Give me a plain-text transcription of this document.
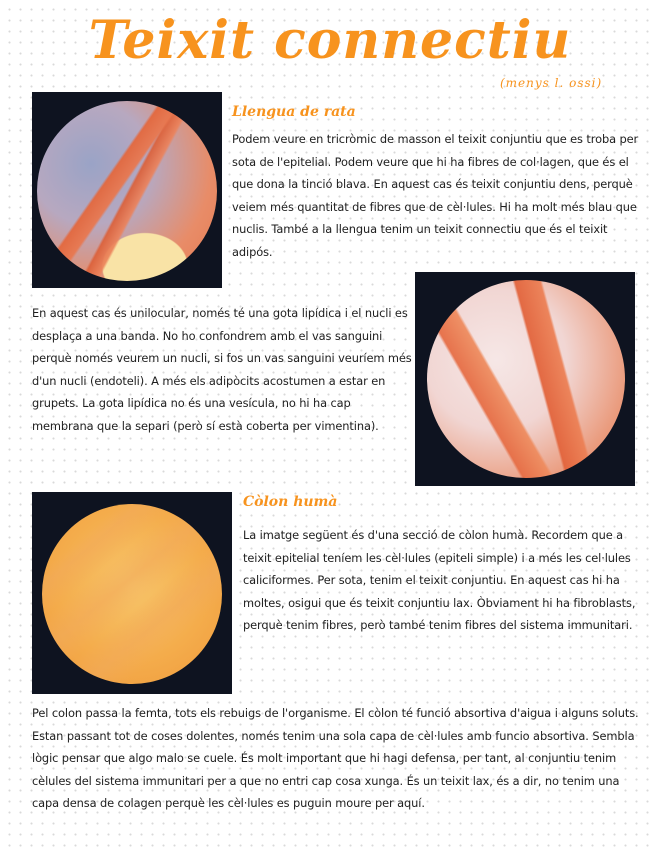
Teixit connectiu

(menys l. ossi)

Llengua de rata

Podem veure en tricròmic de masson el teixit conjuntiu que es troba per sota de l'epitelial. Podem veure que hi ha fibres de col·lagen, que és el que dona la tinció blava. En aquest cas és teixit conjuntiu dens, perquè veiem més quantitat de fibres que de cèl·lules. Hi ha molt més blau que nuclis. També a la llengua tenim un teixit connectiu que és el teixit adipós.

En aquest cas és unilocular, només té una gota lipídica i el nucli es desplaça a una banda. No ho confondrem amb el vas sanguini perquè només veurem un nucli, si fos un vas sanguini veuríem més d'un nucli (endoteli). A més els adipòcits acostumen a estar en grupets. La gota lipídica no és una vesícula, no hi ha cap membrana que la separi (però sí està coberta per vimentina).

Còlon humà

La imatge següent és d'una secció de còlon humà. Recordem que a teixit epitelial teníem les cèl·lules (epiteli simple) i a més les cel·lules caliciformes. Per sota, tenim el teixit conjuntiu. En aquest cas hi ha moltes, osigui que és teixit conjuntiu lax. Òbviament hi ha fibroblasts, perquè tenim fibres, però també tenim fibres del sistema immunitari.

Pel colon passa la femta, tots els rebuigs de l'organisme. El còlon té funció absortiva d'aigua i alguns soluts. Estan passant tot de coses dolentes, només tenim una sola capa de cèl·lules amb funcio absortiva. Sembla lògic pensar que algo malo se cuele. És molt important que hi hagi defensa, per tant, al conjuntiu tenim cèlules del sistema immunitari per a que no entri cap cosa xunga. És un teixit lax, és a dir, no tenim una capa densa de colagen perquè les cèl·lules es puguin moure per aquí.
